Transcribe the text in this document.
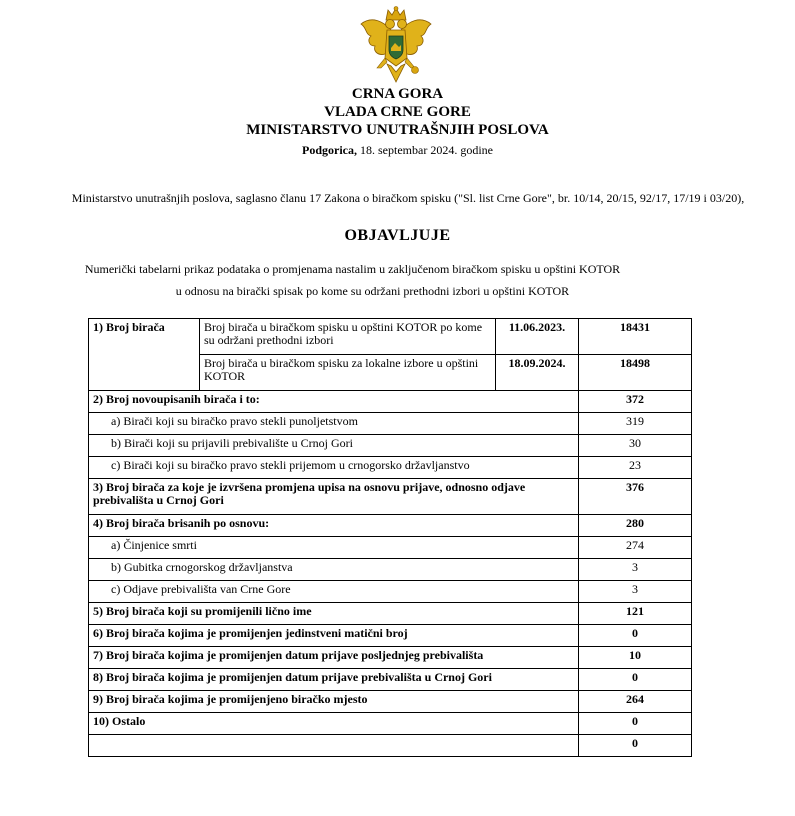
CRNA GORA
VLADA CRNE GORE
MINISTARSTVO UNUTRAŠNJIH POSLOVA
Podgorica, 18. septembar 2024. godine
Ministarstvo unutrašnjih poslova, saglasno članu 17 Zakona o biračkom spisku ("Sl. list Crne Gore", br. 10/14, 20/15, 92/17, 17/19 i 03/20),
OBJAVLJUJE
Numerički tabelarni prikaz podataka o promjenama nastalim u zaključenom biračkom spisku u opštini KOTOR
u odnosu na birački spisak po kome su održani prethodni izbori u opštini KOTOR
1) Broj birača	Broj birača u biračkom spisku u opštini KOTOR po kome su održani prethodni izbori	11.06.2023.	18431
	Broj birača u biračkom spisku za lokalne izbore u opštini KOTOR	18.09.2024.	18498
2) Broj novoupisanih birača i to:			372
a) Birači koji su biračko pravo stekli punoljetstvom			319
b) Birači koji su prijavili prebivalište u Crnoj Gori			30
c) Birači koji su biračko pravo stekli prijemom u crnogorsko državljanstvo			23
3) Broj birača za koje je izvršena promjena upisa na osnovu prijave, odnosno odjave prebivališta u Crnoj Gori			376
4) Broj birača brisanih po osnovu:			280
a) Činjenice smrti			274
b) Gubitka crnogorskog državljanstva			3
c) Odjave prebivališta van Crne Gore			3
5) Broj birača koji su promijenili lično ime			121
6) Broj birača kojima je promijenjen jedinstveni matični broj			0
7) Broj birača kojima je promijenjen datum prijave posljednjeg prebivališta			10
8) Broj birača kojima je promijenjen datum prijave prebivališta u Crnoj Gori			0
9) Broj birača kojima je promijenjeno biračko mjesto			264
10) Ostalo			0
			0
